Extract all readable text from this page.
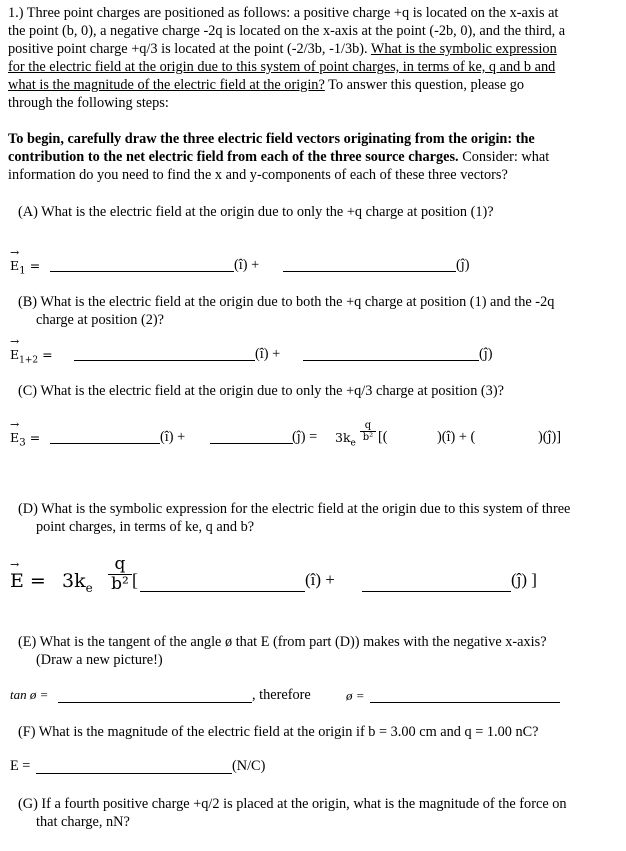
1.) Three point charges are positioned as follows: a positive charge +q is located on the x-axis at
the point (b, 0), a negative charge -2q is located on the x-axis at the point (-2b, 0), and the third, a
positive point charge +q/3 is located at the point (-2/3b, -1/3b). What is the symbolic expression
for the electric field at the origin due to this system of point charges, in terms of ke, q and b and
what is the magnitude of the electric field at the origin? To answer this question, please go
through the following steps:
To begin, carefully draw the three electric field vectors originating from the origin: the
contribution to the net electric field from each of the three source charges. Consider: what
information do you need to find the x and y-components of each of these three vectors?
(A) What is the electric field at the origin due to only the +q charge at position (1)?
→ $E_1$ =	(î) +	(ĵ)
(B) What is the electric field at the origin due to both the +q charge at position (1) and the -2q
charge at position (2)?
→ $E_{1+2}$ =	(î) +	(ĵ)
(C) What is the electric field at the origin due to only the +q/3 charge at position (3)?
→ $E_3$ =	(î) +	(ĵ) = $3k_e$
$\frac{q}{\text{b²}}$ [(	)(î) + (	)(ĵ)]
(D) What is the symbolic expression for the electric field at the origin due to this system of three
point charges, in terms of ke, q and b?
→ $E = 3k_e \frac{q}{\text{b²}}$ [	(î) +	(ĵ) ]
(E) What is the tangent of the angle ø that E (from part (D)) makes with the negative x-axis?
(Draw a new picture!)
tan ø =	, therefore	ø =
(F) What is the magnitude of the electric field at the origin if b = 3.00 cm and q = 1.00 nC?
E =	(N/C)
(G) If a fourth positive charge +q/2 is placed at the origin, what is the magnitude of the force on
that charge, nN?
